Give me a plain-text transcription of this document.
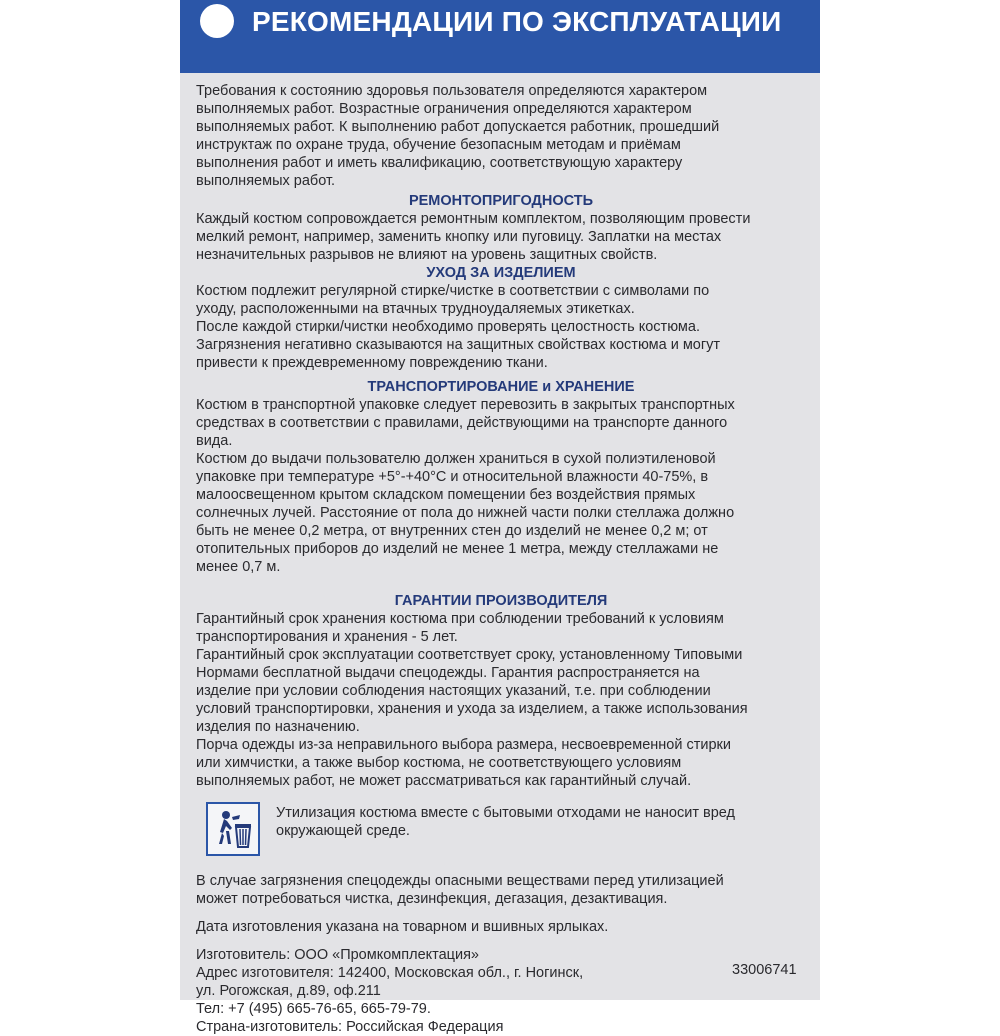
РЕКОМЕНДАЦИИ ПО ЭКСПЛУАТАЦИИ

Требования к состоянию здоровья пользователя определяются характером

выполняемых работ. Возрастные ограничения определяются характером

выполняемых работ. К выполнению работ допускается работник, прошедший

инструктаж по охране труда, обучение безопасным методам и приёмам

выполнения работ и иметь квалификацию, соответствующую характеру

выполняемых работ.

РЕМОНТОПРИГОДНОСТЬ

Каждый костюм сопровождается ремонтным комплектом, позволяющим провести

мелкий ремонт, например, заменить кнопку или пуговицу. Заплатки на местах

незначительных разрывов не влияют на уровень защитных свойств.

УХОД ЗА ИЗДЕЛИЕМ

Костюм подлежит регулярной стирке/чистке в соответствии с символами по

уходу, расположенными на втачных трудноудаляемых этикетках.

После каждой стирки/чистки необходимо проверять целостность костюма.

Загрязнения негативно сказываются на защитных свойствах костюма и могут

привести к преждевременному повреждению ткани.

ТРАНСПОРТИРОВАНИЕ и ХРАНЕНИЕ

Костюм в транспортной упаковке следует перевозить в закрытых транспортных

средствах в соответствии с правилами, действующими на транспорте данного

вида.

Костюм до выдачи пользователю должен храниться в сухой полиэтиленовой

упаковке при температуре +5°-+40°С и относительной влажности 40-75%, в

малоосвещенном крытом складском помещении без воздействия прямых

солнечных лучей. Расстояние от пола до нижней части полки стеллажа должно

быть не менее 0,2 метра, от внутренних стен до изделий не менее 0,2 м; от

отопительных приборов до изделий не менее 1 метра, между стеллажами не

менее 0,7 м.

ГАРАНТИИ ПРОИЗВОДИТЕЛЯ

Гарантийный срок хранения костюма при соблюдении требований к условиям

транспортирования и хранения - 5 лет.

Гарантийный срок эксплуатации соответствует сроку, установленному Типовыми

Нормами бесплатной выдачи спецодежды. Гарантия распространяется на

изделие при условии соблюдения настоящих указаний, т.е. при соблюдении

условий транспортировки, хранения и ухода за изделием, а также использования

изделия по назначению.

Порча одежды из-за неправильного выбора размера, несвоевременной стирки

или химчистки, а также выбор костюма, не соответствующего условиям

выполняемых работ, не может рассматриваться как гарантийный случай.

Утилизация костюма вместе с бытовыми отходами не наносит вред

окружающей среде.

В случае загрязнения спецодежды опасными веществами перед утилизацией

может потребоваться чистка, дезинфекция, дегазация, дезактивация.

Дата изготовления указана на товарном и вшивных ярлыках.

Изготовитель: ООО «Промкомплектация»

Адрес изготовителя: 142400, Московская обл., г. Ногинск,

ул. Рогожская, д.89, оф.211

Тел: +7 (495) 665-76-65, 665-79-79.

Страна-изготовитель: Российская Федерация

33006741
